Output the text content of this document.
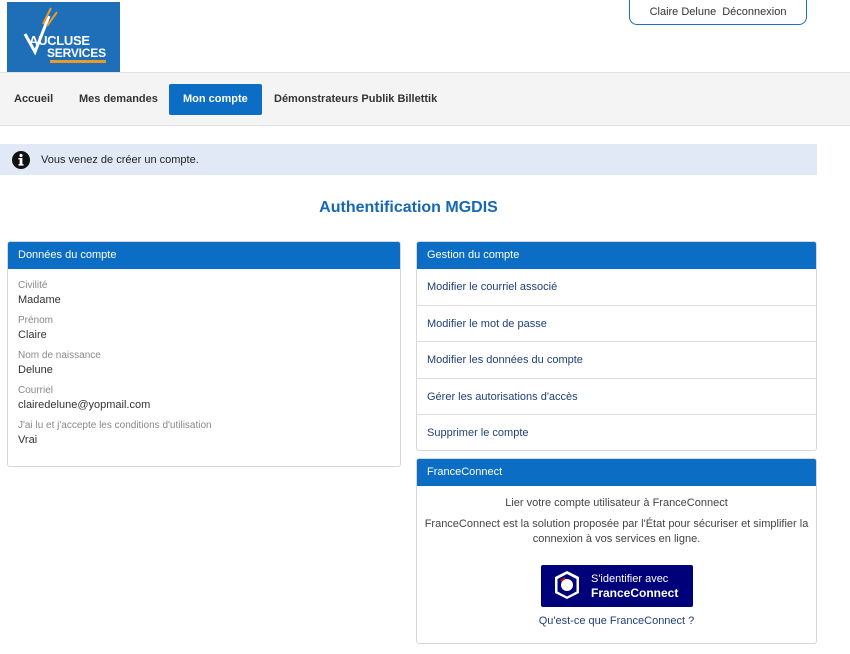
AUCLUSE
SERVICES
Claire Delune Déconnexion
Accueil	Mes demandes	Mon compte	Démonstrateurs Publik Billettik
Vous venez de créer un compte.
Authentification MGDIS
Données du compte
Civilité
Madame
Prénom
Claire
Nom de naissance
Delune
Courriel
clairedelune@yopmail.com
J'ai lu et j'accepte les conditions d'utilisation
Vrai
Gestion du compte
Modifier le courriel associé
Modifier le mot de passe
Modifier les données du compte
Gérer les autorisations d'accès
Supprimer le compte
FranceConnect
Lier votre compte utilisateur à FranceConnect
FranceConnect est la solution proposée par l'État pour sécuriser et simplifier la
connexion à vos services en ligne.
S'identifier avec
FranceConnect
Qu'est-ce que FranceConnect ?
